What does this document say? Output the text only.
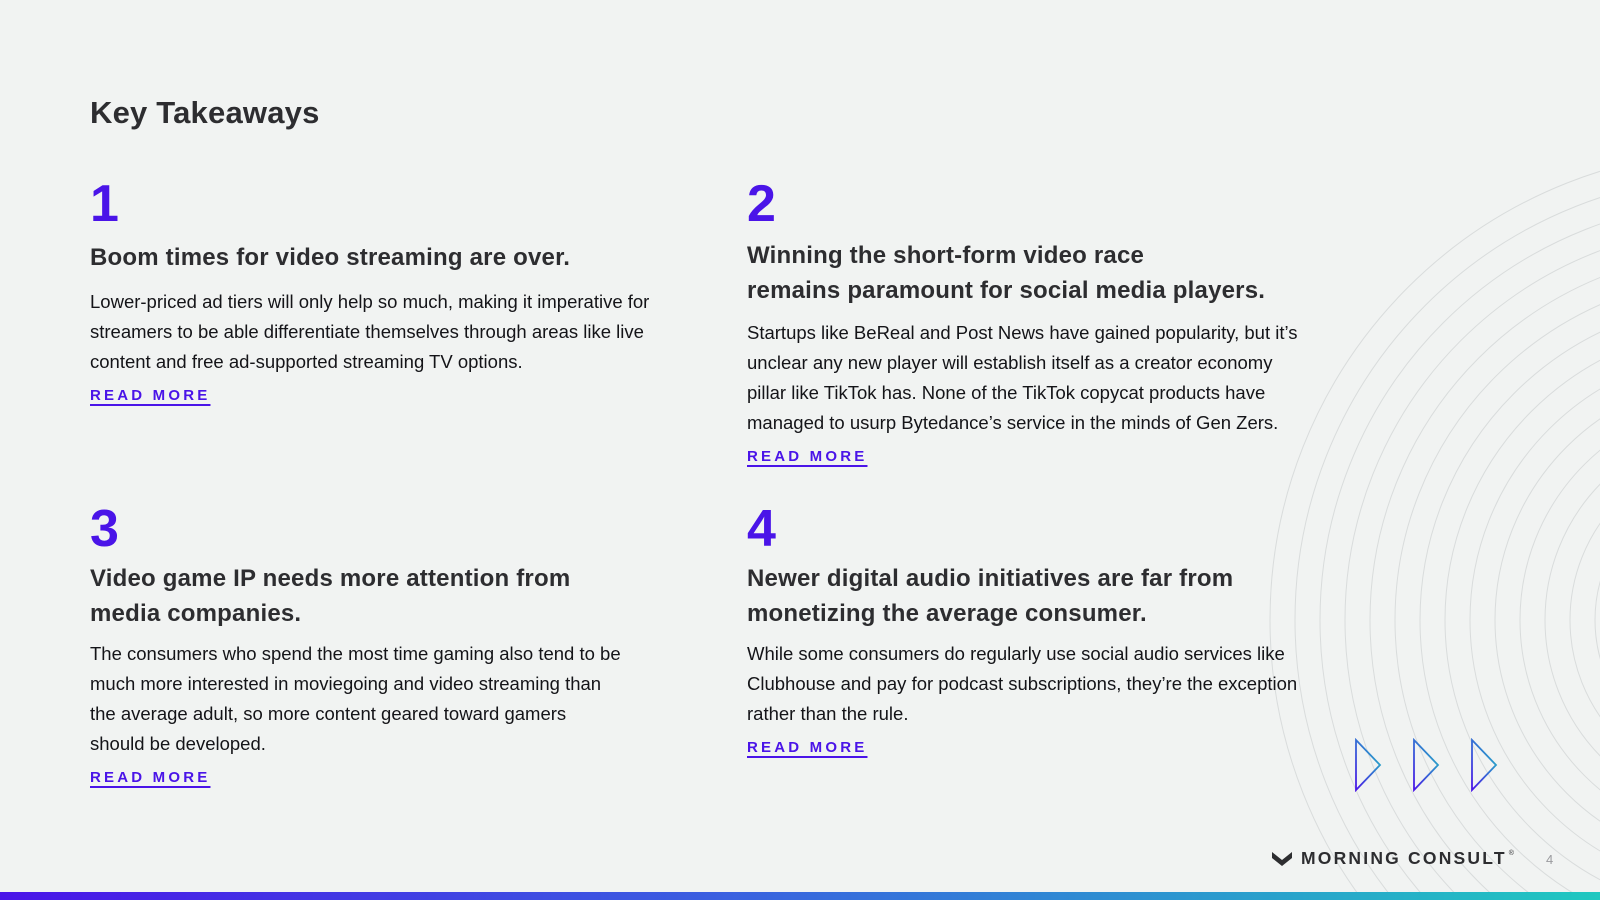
Key Takeaways
1
Boom times for video streaming are over.

Lower-priced ad tiers will only help so much, making it imperative for
streamers to be able differentiate themselves through areas like live
content and free ad-supported streaming TV options.

READ MORE
2
Winning the short-form video race
remains paramount for social media players.

Startups like BeReal and Post News have gained popularity, but it’s
unclear any new player will establish itself as a creator economy
pillar like TikTok has. None of the TikTok copycat products have
managed to usurp Bytedance’s service in the minds of Gen Zers.

READ MORE
3
Video game IP needs more attention from
media companies.

The consumers who spend the most time gaming also tend to be
much more interested in moviegoing and video streaming than
the average adult, so more content geared toward gamers
should be developed.

READ MORE
4
Newer digital audio initiatives are far from
monetizing the average consumer.

While some consumers do regularly use social audio services like
Clubhouse and pay for podcast subscriptions, they’re the exception
rather than the rule.

READ MORE
MORNING CONSULT ® 4
